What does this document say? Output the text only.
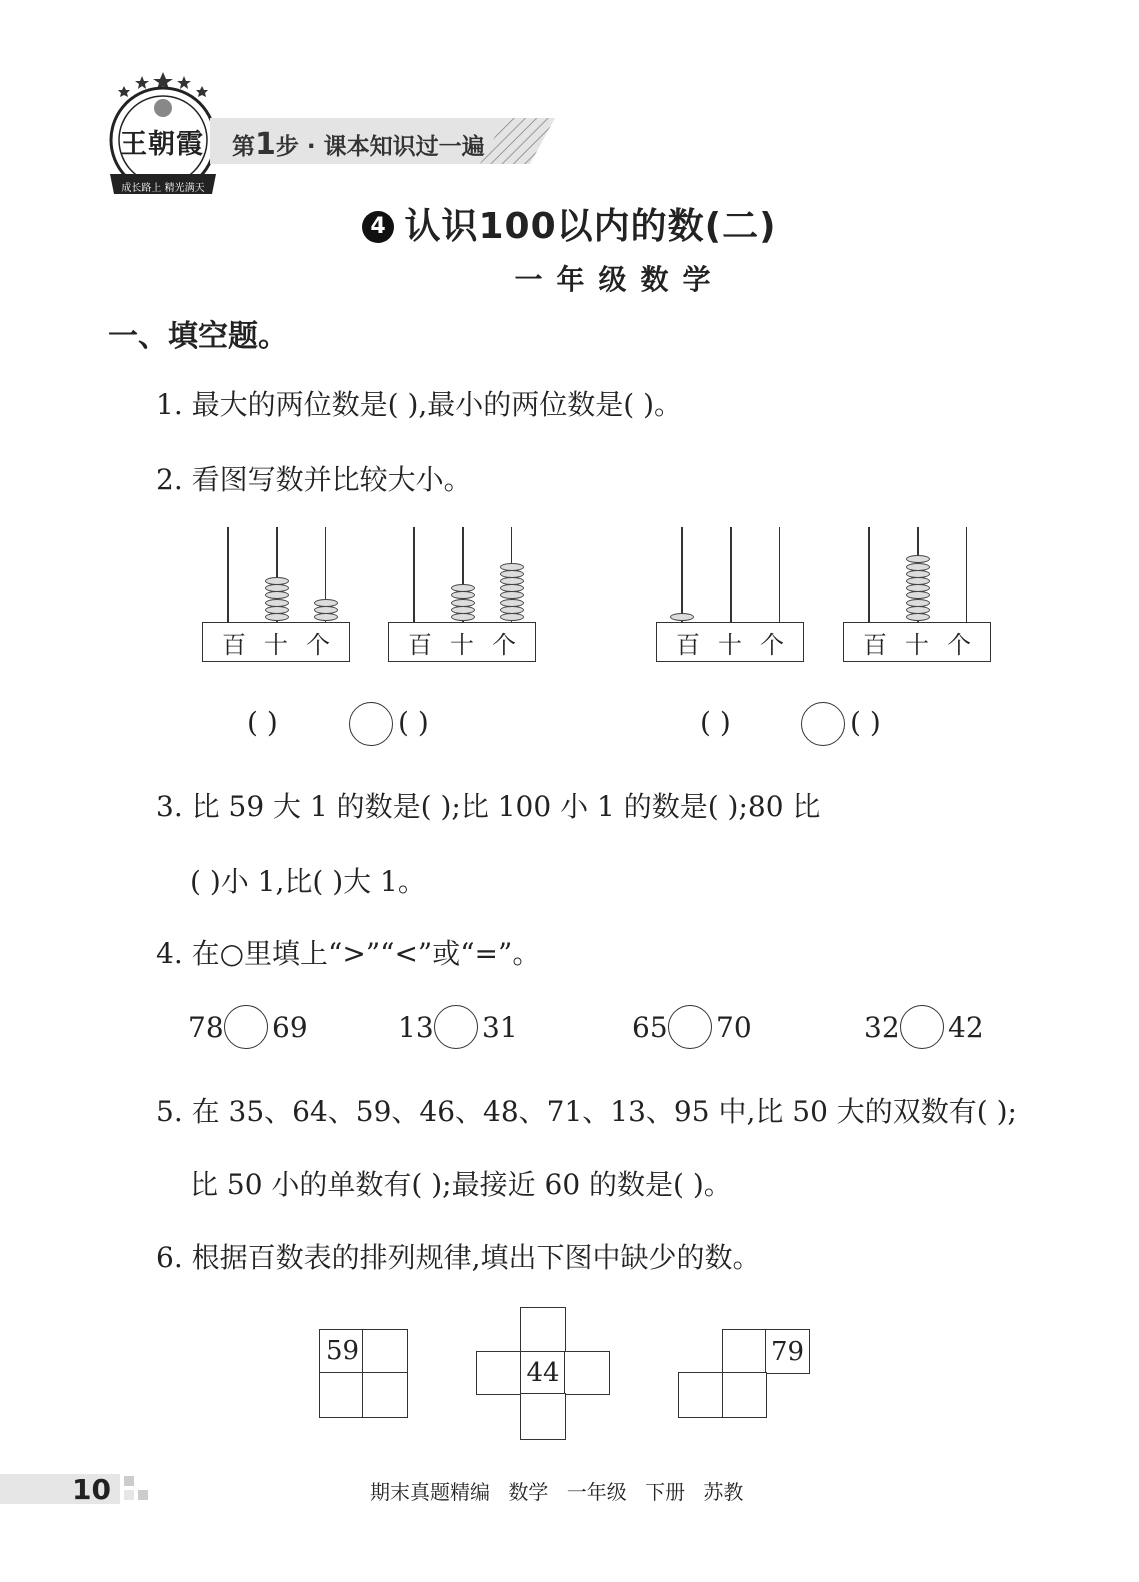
王朝霞
成长路上 精光满天
第1步 · 课本知识过一遍
4 认识100以内的数(二)
一年级数学
一、填空题。
1. 最大的两位数是( ),最小的两位数是( )。
2. 看图写数并比较大小。
百 十 个	百 十 个	百 十 个	百 十 个
( )	( )	( )	( )
3. 比 59 大 1 的数是( );比 100 小 1 的数是( );80 比
( )小 1,比( )大 1。
4. 在○里填上“>”“<”或“=”。
78 69	13 31	65 70	32 42
5. 在 35、64、59、46、48、71、13、95 中,比 50 大的双数有( );
比 50 小的单数有( );最接近 60 的数是( )。
6. 根据百数表的排列规律,填出下图中缺少的数。
59
44
79
10	期末真题精编 数学 一年级 下册 苏教
